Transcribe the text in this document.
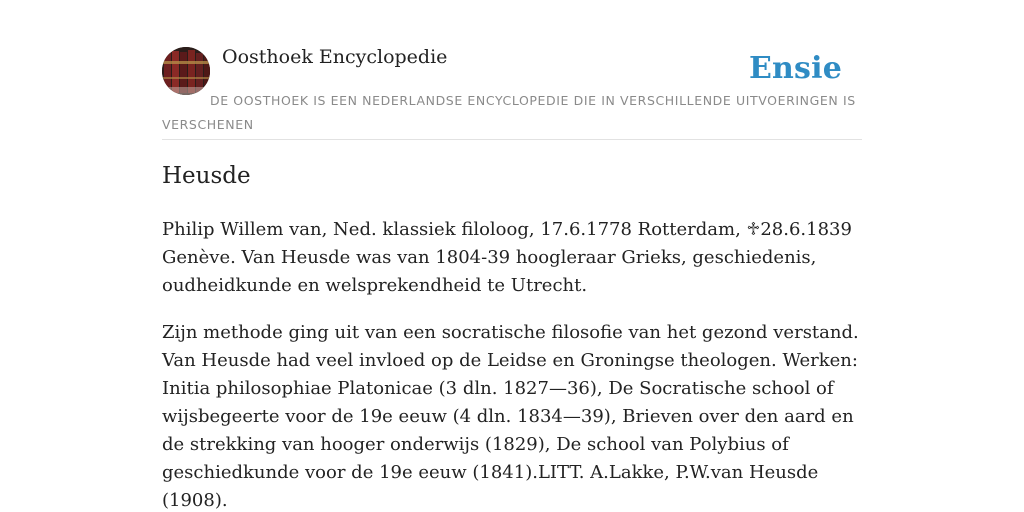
Oosthoek Encyclopedie	Ensie
DE OOSTHOEK IS EEN NEDERLANDSE ENCYCLOPEDIE DIE IN VERSCHILLENDE UITVOERINGEN IS VERSCHENEN
Heusde

Philip Willem van, Ned. klassiek filoloog, 17.6.1778 Rotterdam, ♱28.6.1839 Genève. Van Heusde was van 1804-39 hoogleraar Grieks, geschiedenis, oudheidkunde en welsprekendheid te Utrecht.

Zijn methode ging uit van een socratische filosofie van het gezond verstand. Van Heusde had veel invloed op de Leidse en Groningse theologen. Werken: Initia philosophiae Platonicae (3 dln. 1827—36), De Socratische school of wijsbegeerte voor de 19e eeuw (4 dln. 1834—39), Brieven over den aard en de strekking van hooger onderwijs (1829), De school van Polybius of geschiedkunde voor de 19e eeuw (1841).LITT. A.Lakke, P.W.van Heusde (1908).
